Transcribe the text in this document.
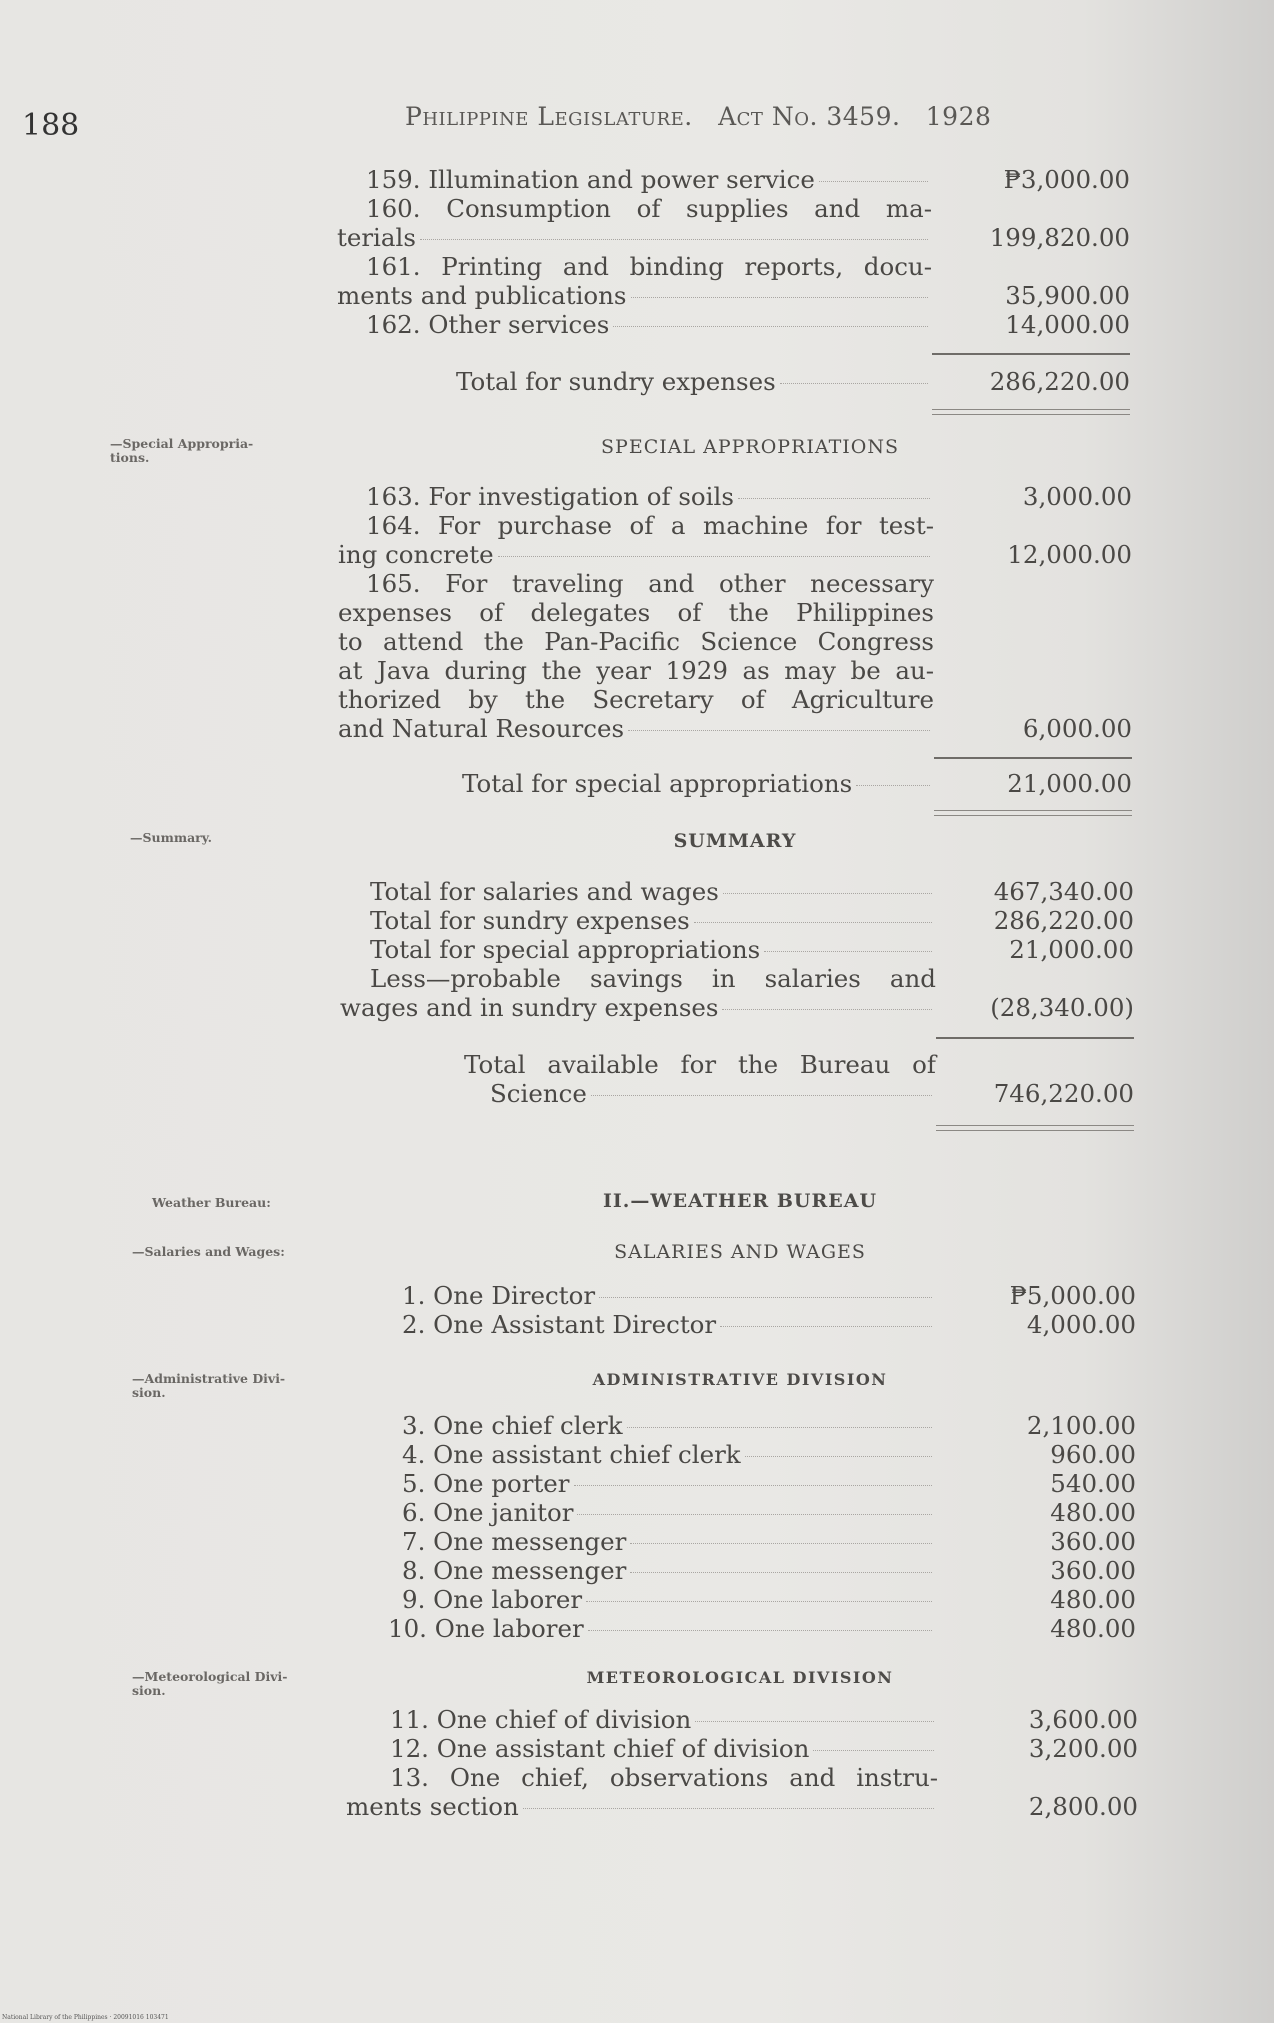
188	Philippine Legislature. Act No. 3459. 1928
159. Illumination and power service	₱3,000.00
160. Consumption of supplies and ma-
terials	199,820.00
161. Printing and binding reports, docu-
ments and publications	35,900.00
162. Other services	14,000.00
Total for sundry expenses	286,220.00
—Special Appropria-
tions.	SPECIAL APPROPRIATIONS
163. For investigation of soils	3,000.00
164. For purchase of a machine for test-
ing concrete	12,000.00
165. For traveling and other necessary
expenses of delegates of the Philippines
to attend the Pan-Pacific Science Congress
at Java during the year 1929 as may be au-
thorized by the Secretary of Agriculture
and Natural Resources	6,000.00
Total for special appropriations	21,000.00
—Summary.	SUMMARY
Total for salaries and wages	467,340.00
Total for sundry expenses	286,220.00
Total for special appropriations	21,000.00
Less—probable savings in salaries and
wages and in sundry expenses	(28,340.00)
Total available for the Bureau of
Science	746,220.00
Weather Bureau:	II.—WEATHER BUREAU
—Salaries and Wages:	SALARIES AND WAGES
1. One Director	₱5,000.00
2. One Assistant Director	4,000.00
—Administrative Divi-
sion.
ADMINISTRATIVE DIVISION
3. One chief clerk	2,100.00
4. One assistant chief clerk	960.00
5. One porter	540.00
6. One janitor	480.00
7. One messenger	360.00
8. One messenger	360.00
9. One laborer	480.00
10. One laborer	480.00
—Meteorological Divi-
sion.
METEOROLOGICAL DIVISION
11. One chief of division	3,600.00
12. One assistant chief of division	3,200.00
13. One chief, observations and instru-
ments section	2,800.00
National Library of the Philippines · 20091016 103471
